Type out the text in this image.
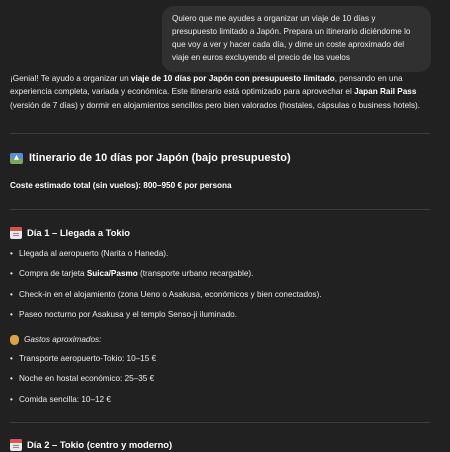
Quiero que me ayudes a organizar un viaje de 10 días y presupuesto limitado a Japón. Prepara un itinerario diciéndome lo que voy a ver y hacer cada día, y dime un coste aproximado del viaje en euros excluyendo el precio de los vuelos

¡Genial! Te ayudo a organizar un viaje de 10 días por Japón con presupuesto limitado, pensando en una experiencia completa, variada y económica. Este itinerario está optimizado para aprovechar el Japan Rail Pass (versión de 7 días) y dormir en alojamientos sencillos pero bien valorados (hostales, cápsulas o business hotels).

Itinerario de 10 días por Japón (bajo presupuesto)
Coste estimado total (sin vuelos): 800–950 € por persona
Día 1 – Llegada a Tokio
• Llegada al aeropuerto (Narita o Haneda).
• Compra de tarjeta Suica/Pasmo (transporte urbano recargable).
• Check-in en el alojamiento (zona Ueno o Asakusa, económicos y bien conectados).
• Paseo nocturno por Asakusa y el templo Senso-ji iluminado.
Gastos aproximados:
• Transporte aeropuerto-Tokio: 10–15 €
• Noche en hostal económico: 25–35 €
• Comida sencilla: 10–12 €
Día 2 – Tokio (centro y moderno)
